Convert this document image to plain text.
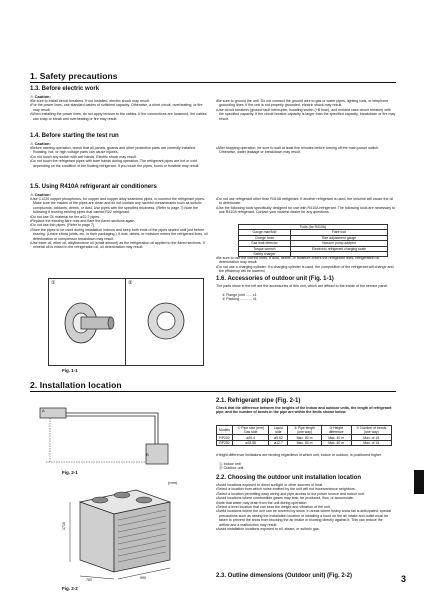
1. Safety precautions
1.3. Before electric work
⚠ Caution:
• Be sure to install circuit breakers. If not installed, electric shock may result.
• For the power lines, use standard cables of sufficient capacity. Otherwise, a short circuit, overheating, or fire may result.
• When installing the power lines, do not apply tension to the cables. If the connections are loosened, the cables can snap or break and overheating or fire may result.
• Be sure to ground the unit. Do not connect the ground wire to gas or water pipes, lighting rods, or telephone grounding lines. If the unit is not properly grounded, electric shock may result.
• Use circuit breakers (ground fault interrupter, isolating switch (+B fuse), and molded case circuit breaker) with the specified capacity. If the circuit breaker capacity is larger than the specified capacity, breakdown or fire may result.
1.4. Before starting the test run
⚠ Caution:
• Before starting operation, check that all panels, guards and other protective parts are correctly installed. Rotating, hot, or high voltage parts can cause injuries.
• Do not touch any switch with wet hands. Electric shock may result.
• Do not touch the refrigerant pipes with bare hands during operation. The refrigerant pipes are hot or cold depending on the condition of the flowing refrigerant. If you touch the pipes, burns or frostbite may result.
• After stopping operation, be sure to wait at least five minutes before turning off the main power switch. Otherwise, water leakage or breakdown may result.
1.5. Using R410A refrigerant air conditioners
⚠ Caution:
• Use C1220 copper phosphorus, for copper and copper alloy seamless pipes, to connect the refrigerant pipes. Make sure the insides of the pipes are clean and do not contain any harmful contaminants such as sulfuric compounds, oxidants, debris, or dust. Use pipes with the specified thickness. (Refer to page 7) Note the following if reusing existing pipes that carried R22 refrigerant.
• Do not use OL material for the ø22.2 pipes.
• Replace the existing flare nuts and flare the flared sections again.
• Do not use thin pipes. (Refer to page 7)
• Store the pipes to be used during installation indoors and keep both ends of the pipes sealed until just before brazing. (Leave elbow joints, etc. in their packaging.) If dust, debris, or moisture enters the refrigerant lines, oil deterioration or compressor breakdown may result.
• Use ester oil, ether oil, alkylbenzene oil (small amount) as the refrigeration oil applied to the flared sections. If mineral oil is mixed in the refrigeration oil, oil deterioration may result.
• Do not use refrigerant other than R410A refrigerant. If another refrigerant is used, the chlorine will cause the oil to deteriorate.
• Use the following tools specifically designed for use with R410A refrigerant. The following tools are necessary to use R410A refrigerant. Contact your nearest dealer for any questions.
Tools (for R410A)	
Gauge manifold	Flare tool
Charge hose	Size adjustment gauge
Gas leak detector	Vacuum pump adaptor
Torque wrench	Electronic refrigerant charging scale
Safety charger	
• Be sure to use the correct tools. If dust, debris, or moisture enters the refrigerant lines, refrigeration oil deterioration may result.
• Do not use a charging cylinder. If a charging cylinder is used, the composition of the refrigerant will change and the efficiency will be lowered.
1.6. Accessories of outdoor unit (Fig. 1-1)
The parts show in the left are the accessories of this unit, which are affixed to the inside of the service panel.
① Flange joint ...... x1
② Packing ............ x1
①	②
Fig. 1-1
2. Installation location
A
B
Fig. 2-1
(mm)
1710
760	990
Fig. 2-2
2.1. Refrigerant pipe (Fig. 2-1)
Check that the difference between the heights of the indoor and outdoor units, the length of refrigerant pipe, and the number of bends in the pipe are within the limits shown below.
Models	① Pipe size (mm) Gas side	Liquid side	② Pipe length (one way)	③ Height difference	④ Number of bends (one way)

RP200	ø25.4	ø9.52	Max. 80 m	Max. 40 m	Max. of 15
RP250	ø28.58	ø12.7	Max. 80 m	Max. 40 m	Max. of 15
• Height difference limitations are binding regardless of which unit, indoor or outdoor, is positioned higher.
Ⓐ Indoor unit
Ⓑ Outdoor unit
2.2. Choosing the outdoor unit installation location
• Avoid locations exposed to direct sunlight or other sources of heat.
• Select a location from which noise emitted by the unit will not inconvenience neighbors.
• Select a location permitting easy wiring and pipe access to the power source and indoor unit.
• Avoid locations where combustible gases may leak, be produced, flow, or accumulate.
• Note that water may drain from the unit during operation.
• Select a level location that can bear the weight and vibration of the unit.
• Avoid locations where the unit can be covered by snow. In areas where heavy snow fall is anticipated, special precautions such as raising the installation location or installing a hood on the air intake and outlet must be taken to prevent the snow from blocking the air intake or blowing directly against it. This can reduce the airflow and a malfunction may result.
• Avoid installation locations exposed to oil, steam, or sulfuric gas.
2.3. Outline dimensions (Outdoor unit) (Fig. 2-2)	3
